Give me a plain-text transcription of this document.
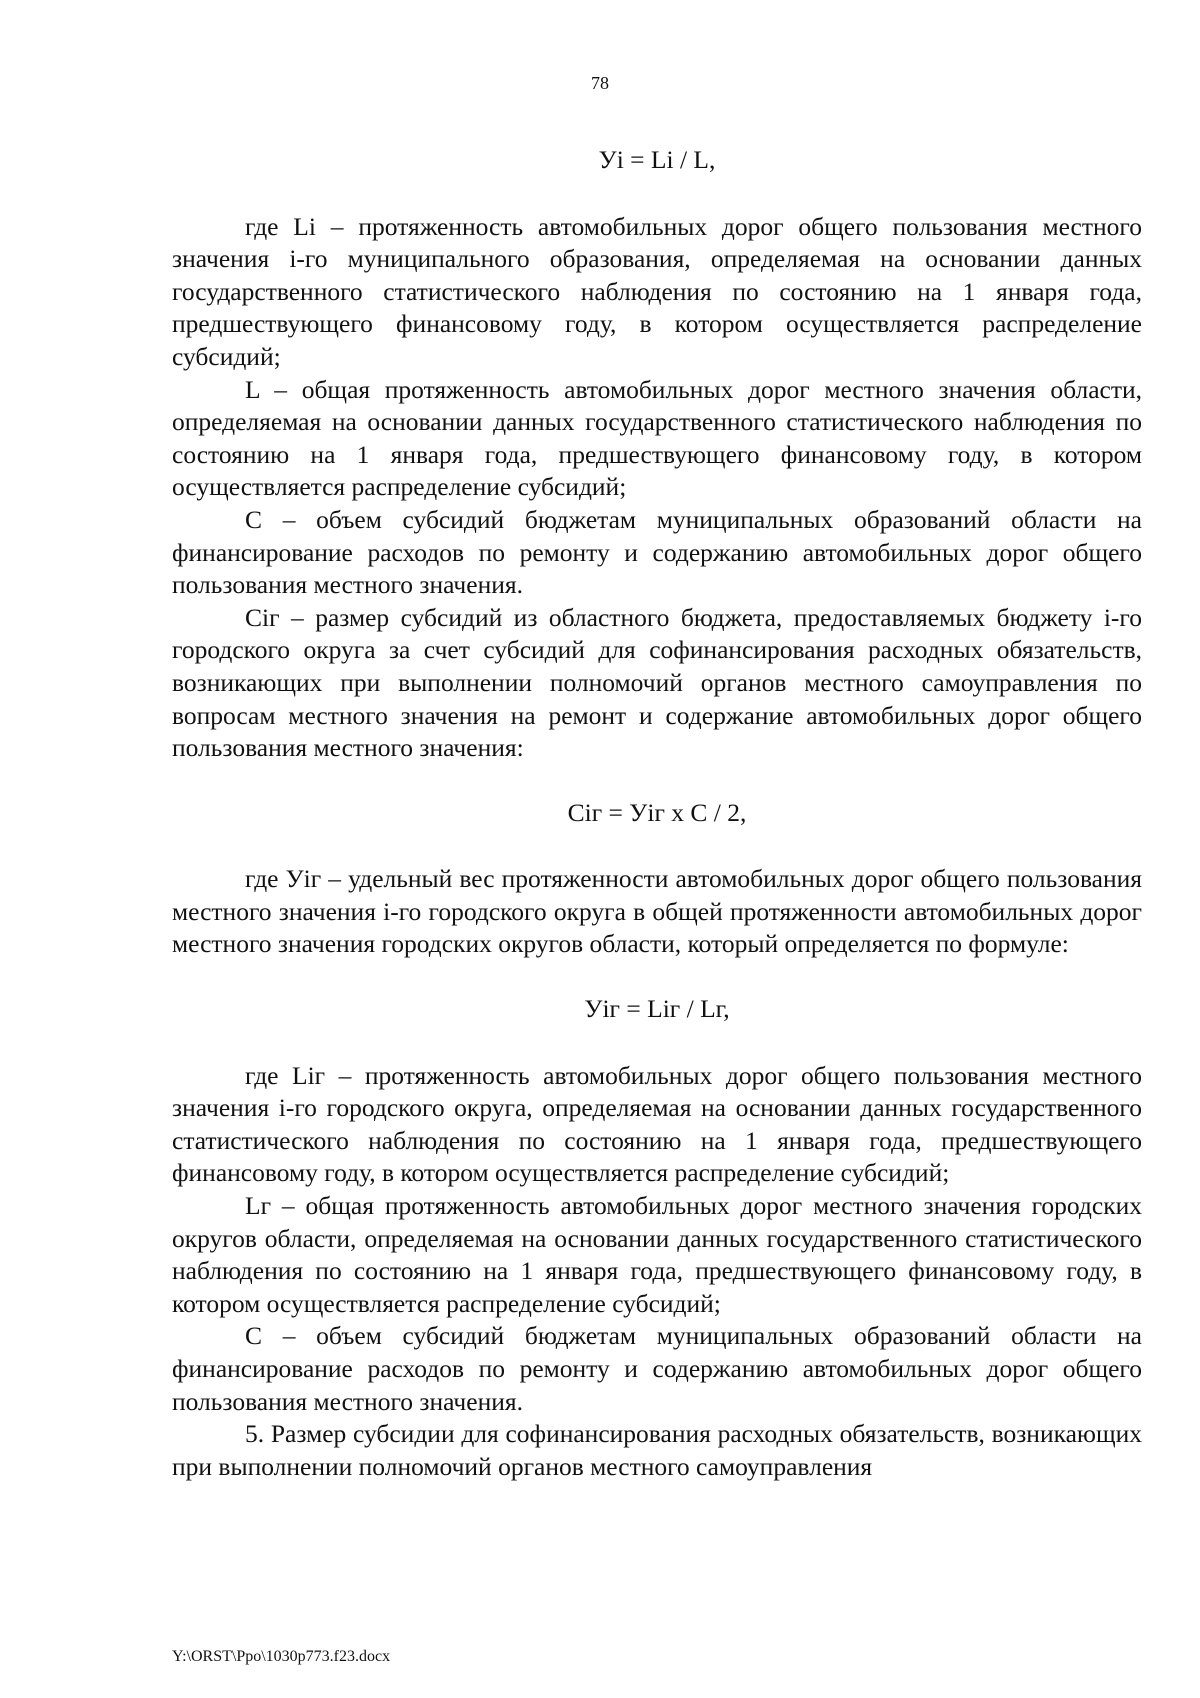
78

Уi = Li / L,

где Li – протяженность автомобильных дорог общего пользования местного значения i-го муниципального образования, определяемая на основании данных государственного статистического наблюдения по состоянию на 1 января года, предшествующего финансовому году, в котором осуществляется распределение субсидий;

L – общая протяженность автомобильных дорог местного значения области, определяемая на основании данных государственного статистического наблюдения по состоянию на 1 января года, предшествующего финансовому году, в котором осуществляется распределение субсидий;

С – объем субсидий бюджетам муниципальных образований области на финансирование расходов по ремонту и содержанию автомобильных дорог общего пользования местного значения.

Сiг – размер субсидий из областного бюджета, предоставляемых бюджету i-го городского округа за счет субсидий для софинансирования расходных обязательств, возникающих при выполнении полномочий органов местного самоуправления по вопросам местного значения на ремонт и содержание автомобильных дорог общего пользования местного значения:

Сiг = Уiг х С / 2,

где Уiг – удельный вес протяженности автомобильных дорог общего пользования местного значения i-го городского округа в общей протяженности автомобильных дорог местного значения городских округов области, который определяется по формуле:

Уiг = Liг / Lг,

где Liг – протяженность автомобильных дорог общего пользования местного значения i-го городского округа, определяемая на основании данных государственного статистического наблюдения по состоянию на 1 января года, предшествующего финансовому году, в котором осуществляется распределение субсидий;

Lг – общая протяженность автомобильных дорог местного значения городских округов области, определяемая на основании данных государственного статистического наблюдения по состоянию на 1 января года, предшествующего финансовому году, в котором осуществляется распределение субсидий;

С – объем субсидий бюджетам муниципальных образований области на финансирование расходов по ремонту и содержанию автомобильных дорог общего пользования местного значения.

5. Размер субсидии для софинансирования расходных обязательств, возникающих при выполнении полномочий органов местного самоуправления

Y:\ORST\Ppo\1030p773.f23.docx
